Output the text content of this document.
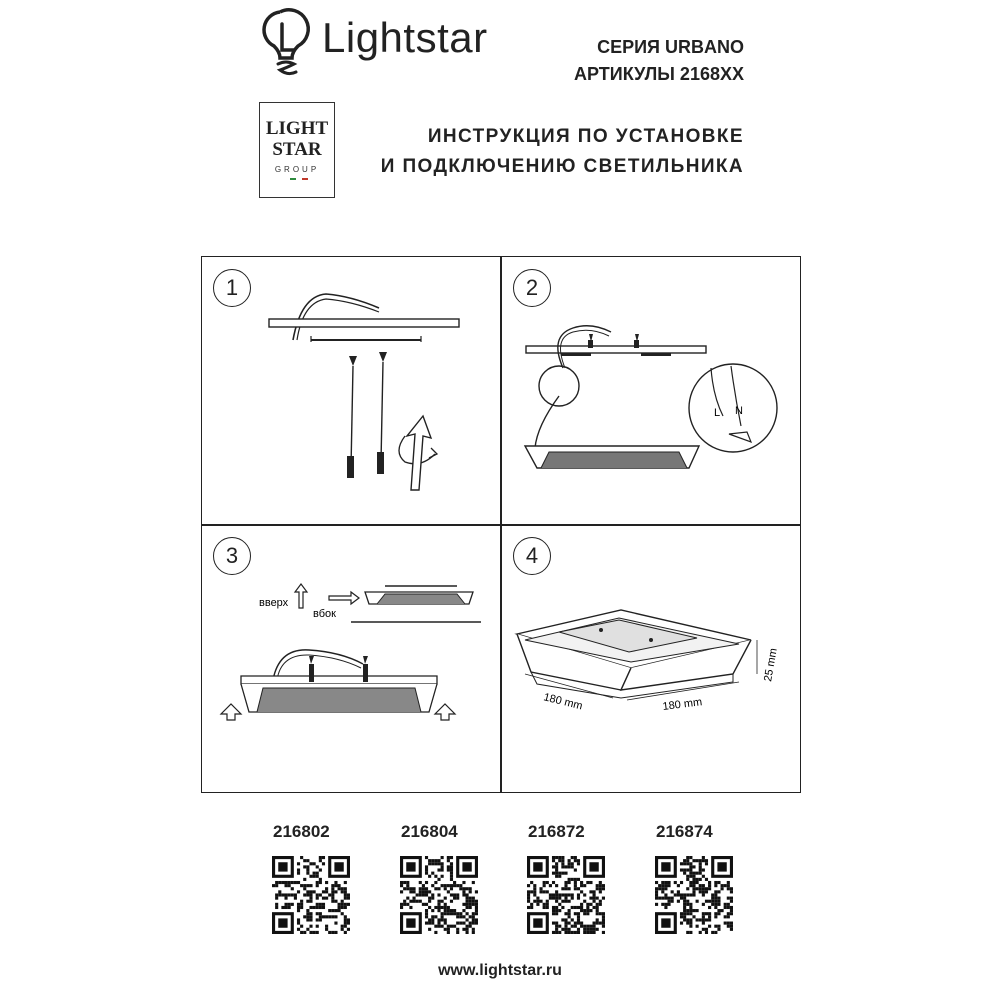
Lightstar	СЕРИЯ URBANO
АРТИКУЛЫ 2168XX
LIGHT
STAR
GROUP
ИНСТРУКЦИЯ ПО УСТАНОВКЕ
И ПОДКЛЮЧЕНИЮ СВЕТИЛЬНИКА
1	2
L N
3
вверх
вбок
4
180 mm	180 mm
25 mm
216802	216804	216872	216874
www.lightstar.ru
